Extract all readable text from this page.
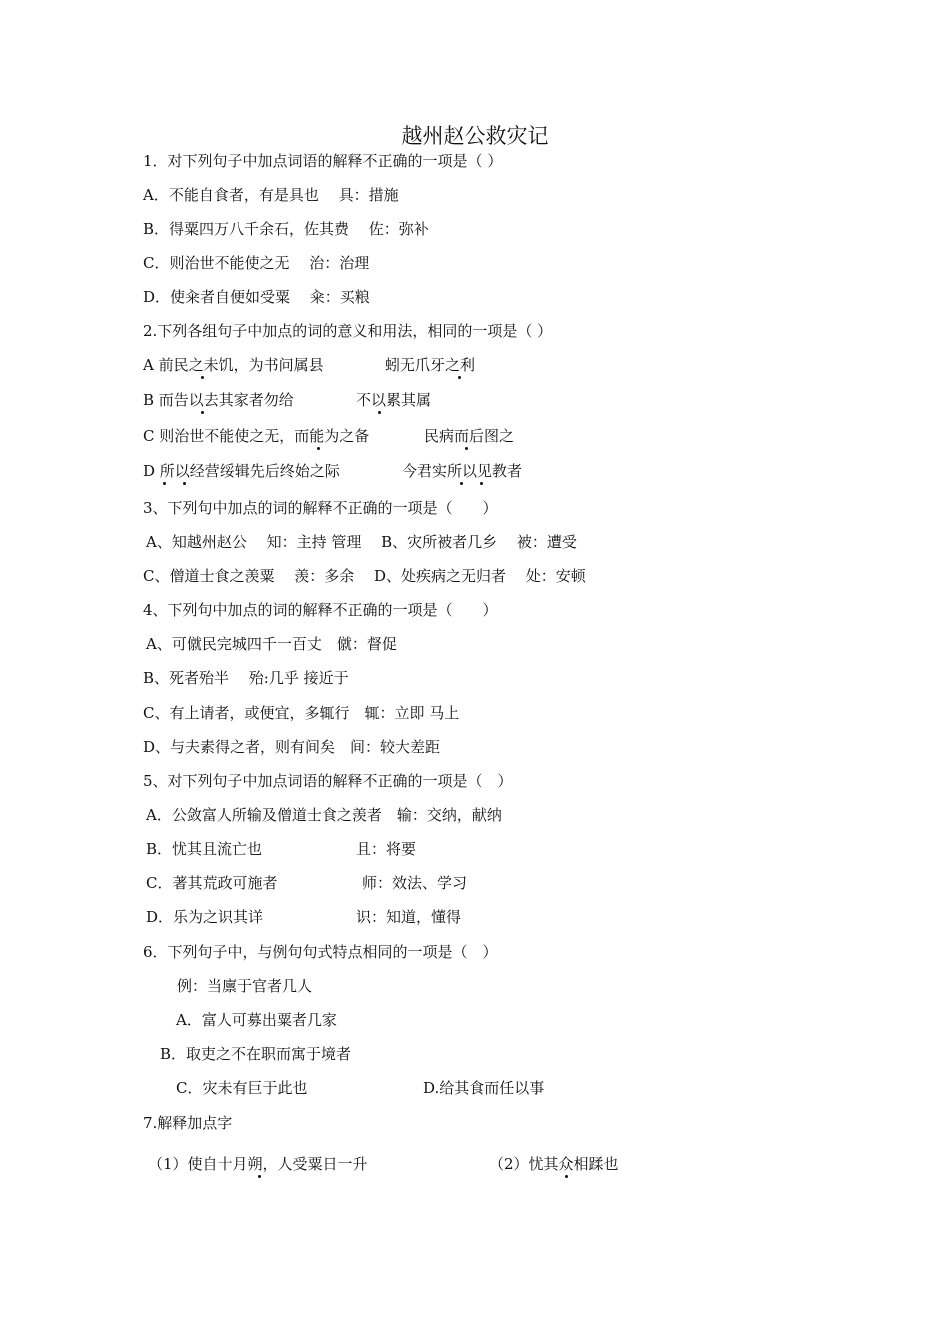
越州赵公救灾记
1．对下列句子中加点词语的解释不正确的一项是（ ）
A．不能自食者，有是具也　 具：措施
B．得粟四万八千余石，佐其费　 佐：弥补
C．则治世不能使之无　 治：治理
D．使籴者自便如受粟　 籴：买粮
2.下列各组句子中加点的词的意义和用法，相同的一项是（ ）
A 前民之未饥，为书问属县	蚓无爪牙之利
B 而告以去其家者勿给	不以累其属
C 则治世不能使之无，而能为之备	民病而后图之
D 所以经营绥辑先后终始之际	今君实所以见教者
3、下列句中加点的词的解释不正确的一项是（　　）
A、知越州赵公　 知：主持 管理　 B、灾所被者几乡　 被：遭受
C、僧道士食之羡粟　 羡：多余　 D、处疾病之无归者　 处：安顿
4、下列句中加点的词的解释不正确的一项是（　　）
A、可僦民完城四千一百丈　僦：督促
B、死者殆半　 殆:几乎 接近于
C、有上请者，或便宜，多辄行　辄：立即 马上
D、与夫素得之者，则有间矣　间：较大差距
5、对下列句子中加点词语的解释不正确的一项是（　）
A．公敛富人所输及僧道士食之羡者　输：交纳，献纳
B．忧其且流亡也	且：将要
C．著其荒政可施者	师：效法、学习
D．乐为之识其详	识：知道，懂得
6．下列句子中，与例句句式特点相同的一项是（　）
例：当廪于官者几人
A．富人可募出粟者几家
B．取吏之不在职而寓于境者
C．灾未有巨于此也	D.给其食而任以事
7.解释加点字
（1）使自十月朔，人受粟日一升	（2）忧其众相蹂也
